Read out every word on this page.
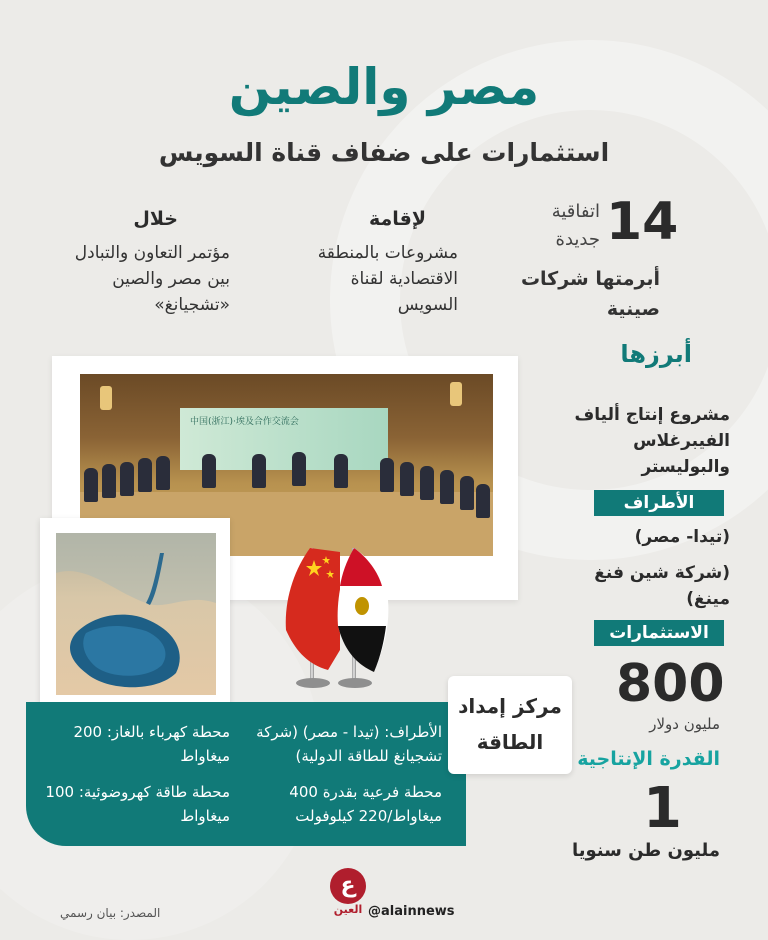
مصر والصين
استثمارات على ضفاف قناة السويس
14
اتفاقية
جديدة
أبرمتها شركات صينية
لإقامة
مشروعات بالمنطقة الاقتصادية لقناة السويس
خلال
مؤتمر التعاون والتبادل بين مصر والصين «تشجيانغ»
中国(浙江)·埃及合作交流会
أبرزها
مشروع إنتاج ألياف الفيبرغلاس والبوليستر
الأطراف
(تيدا- مصر)
(شركة شين فنغ مينغ)
الاستثمارات
800
مليون دولار
القدرة الإنتاجية
1
مليون طن سنويا
مركز إمداد
الطاقة
الأطراف: (تيدا - مصر) (شركة تشجيانغ للطاقة الدولية)
محطة فرعية بقدرة 400 ميغاواط/220 كيلوفولت
محطة كهرباء بالغاز: 200 ميغاواط
محطة طاقة كهروضوئية: 100 ميغاواط
ع
العين @alainnews
المصدر: بيان رسمي
